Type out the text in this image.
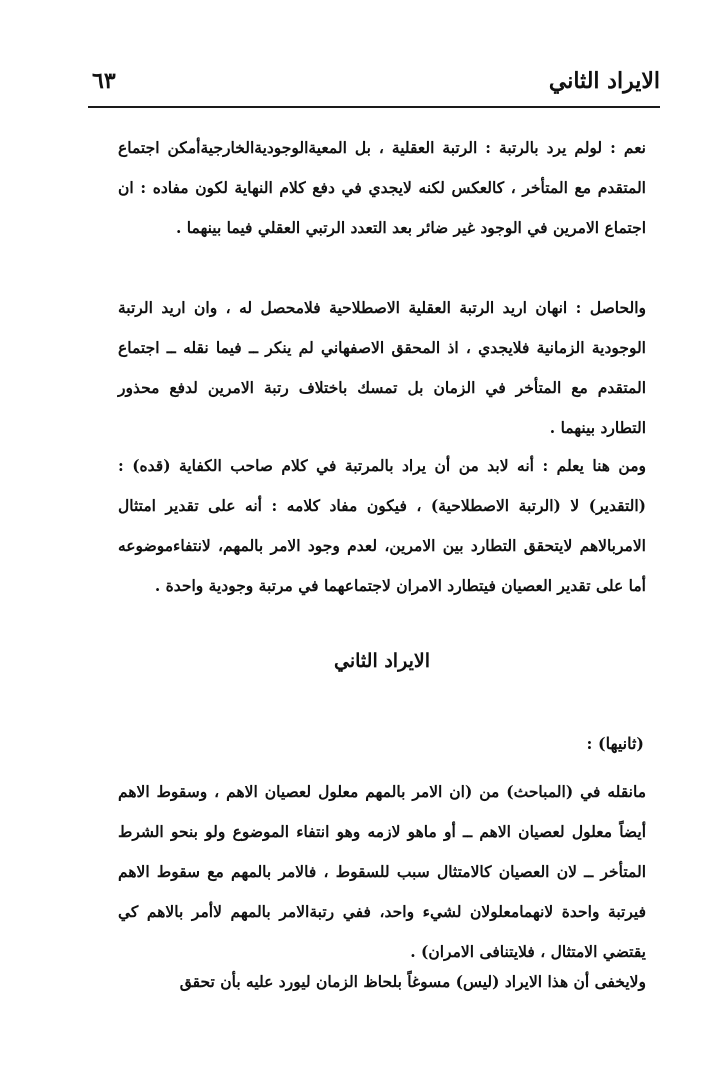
الايراد الثاني
٦٣

نعم : لولم يرد بالرتبة : الرتبة العقلية ، بل المعيةالوجوديةالخارجيةأمكن اجتماع المتقدم مع المتأخر ، كالعكس لكنه لايجدي في دفع كلام النهاية لكون مفاده : ان اجتماع الامرين في الوجود غير ضائر بعد التعدد الرتبي العقلي فيما بينهما .

والحاصل : انهان اريد الرتبة العقلية الاصطلاحية فلامحصل له ، وان اريد الرتبة الوجودية الزمانية فلايجدي ، اذ المحقق الاصفهاني لم ينكر ــ فيما نقله ــ اجتماع المتقدم مع المتأخر في الزمان بل تمسك باختلاف رتبة الامرين لدفع محذور التطارد بينهما .

ومن هنا يعلم : أنه لابد من أن يراد بالمرتبة في كلام صاحب الكفاية (قده) : (التقدير) لا (الرتبة الاصطلاحية) ، فيكون مفاد كلامه : أنه على تقدير امتثال الامربالاهم لايتحقق التطارد بين الامرين، لعدم وجود الامر بالمهم، لانتفاءموضوعه أما على تقدير العصيان فيتطارد الامران لاجتماعهما في مرتبة وجودية واحدة .

الايراد الثاني
(ثانيها) :

مانقله في (المباحث) من (ان الامر بالمهم معلول لعصيان الاهم ، وسقوط الاهم أيضاً معلول لعصيان الاهم ــ أو ماهو لازمه وهو انتفاء الموضوع ولو بنحو الشرط المتأخر ــ لان العصيان كالامتثال سبب للسقوط ، فالامر بالمهم مع سقوط الاهم فيرتبة واحدة لانهمامعلولان لشيء واحد، ففي رتبةالامر بالمهم لاأمر بالاهم كي يقتضي الامتثال ، فلايتنافى الامران) .

ولايخفى أن هذا الايراد (ليس) مسوغاً بلحاظ الزمان ليورد عليه بأن تحقق
